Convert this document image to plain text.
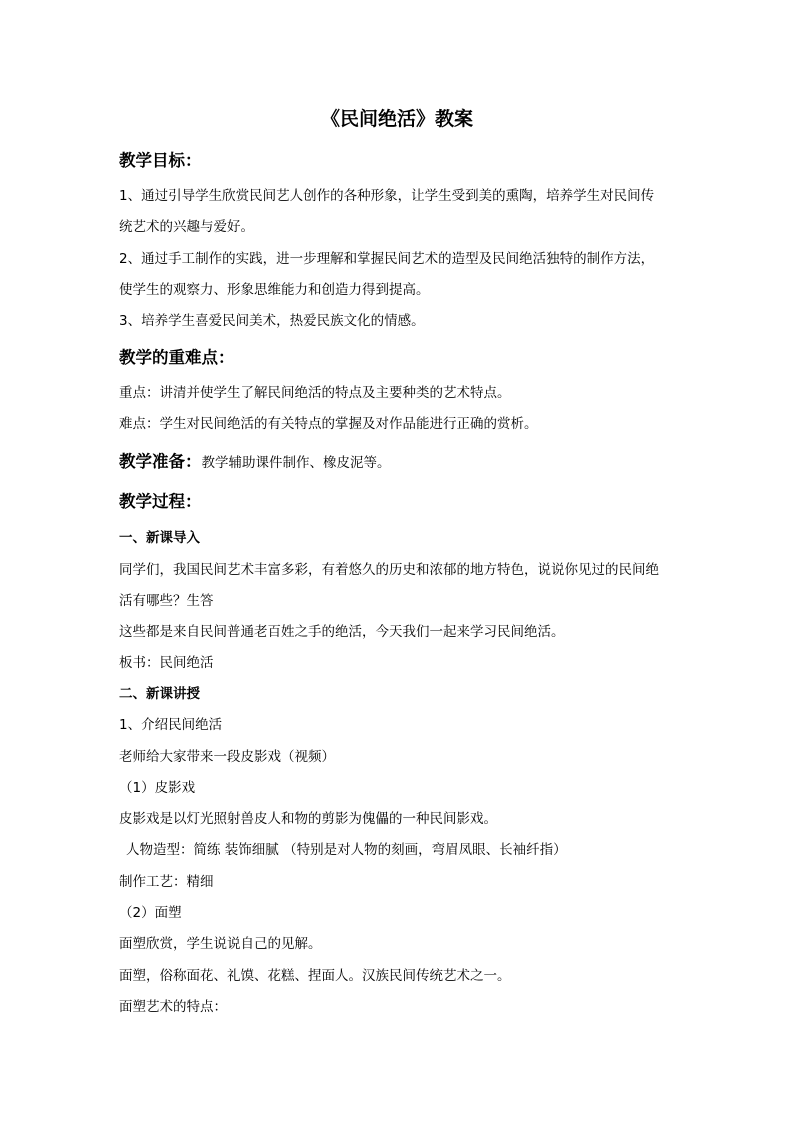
《民间绝活》教案
教学目标：
1、通过引导学生欣赏民间艺人创作的各种形象，让学生受到美的熏陶，培养学生对民间传
统艺术的兴趣与爱好。
2、通过手工制作的实践，进一步理解和掌握民间艺术的造型及民间绝活独特的制作方法，
使学生的观察力、形象思维能力和创造力得到提高。
3、培养学生喜爱民间美术，热爱民族文化的情感。
教学的重难点：
重点：讲清并使学生了解民间绝活的特点及主要种类的艺术特点。
难点：学生对民间绝活的有关特点的掌握及对作品能进行正确的赏析。
教学准备：教学辅助课件制作、橡皮泥等。
教学过程：
一、新课导入
同学们，我国民间艺术丰富多彩，有着悠久的历史和浓郁的地方特色，说说你见过的民间绝
活有哪些？生答
这些都是来自民间普通老百姓之手的绝活，今天我们一起来学习民间绝活。
板书：民间绝活
二、新课讲授
1、介绍民间绝活
老师给大家带来一段皮影戏（视频）
（1）皮影戏
皮影戏是以灯光照射兽皮人和物的剪影为傀儡的一种民间影戏。
人物造型：简练 装饰细腻 （特别是对人物的刻画，弯眉凤眼、长袖纤指）
制作工艺：精细
（2）面塑
面塑欣赏，学生说说自己的见解。
面塑，俗称面花、礼馍、花糕、捏面人。汉族民间传统艺术之一。
面塑艺术的特点：
